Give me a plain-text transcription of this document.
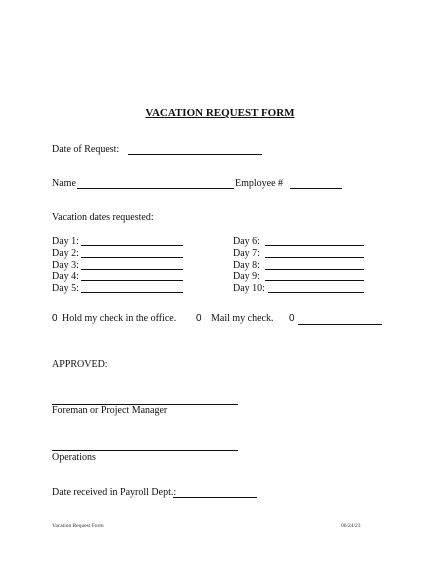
VACATION REQUEST FORM
Date of Request:
Name	Employee #
Vacation dates requested:
Day 1:
Day 2:
Day 3:
Day 4:
Day 5:
Day 6:
Day 7:
Day 8:
Day 9:
Day 10:
0 Hold my check in the office. 0 Mail my check. 0
APPROVED:
Foreman or Project Manager
Operations
Date received in Payroll Dept.:
Vacation Request Form	06/24/23
